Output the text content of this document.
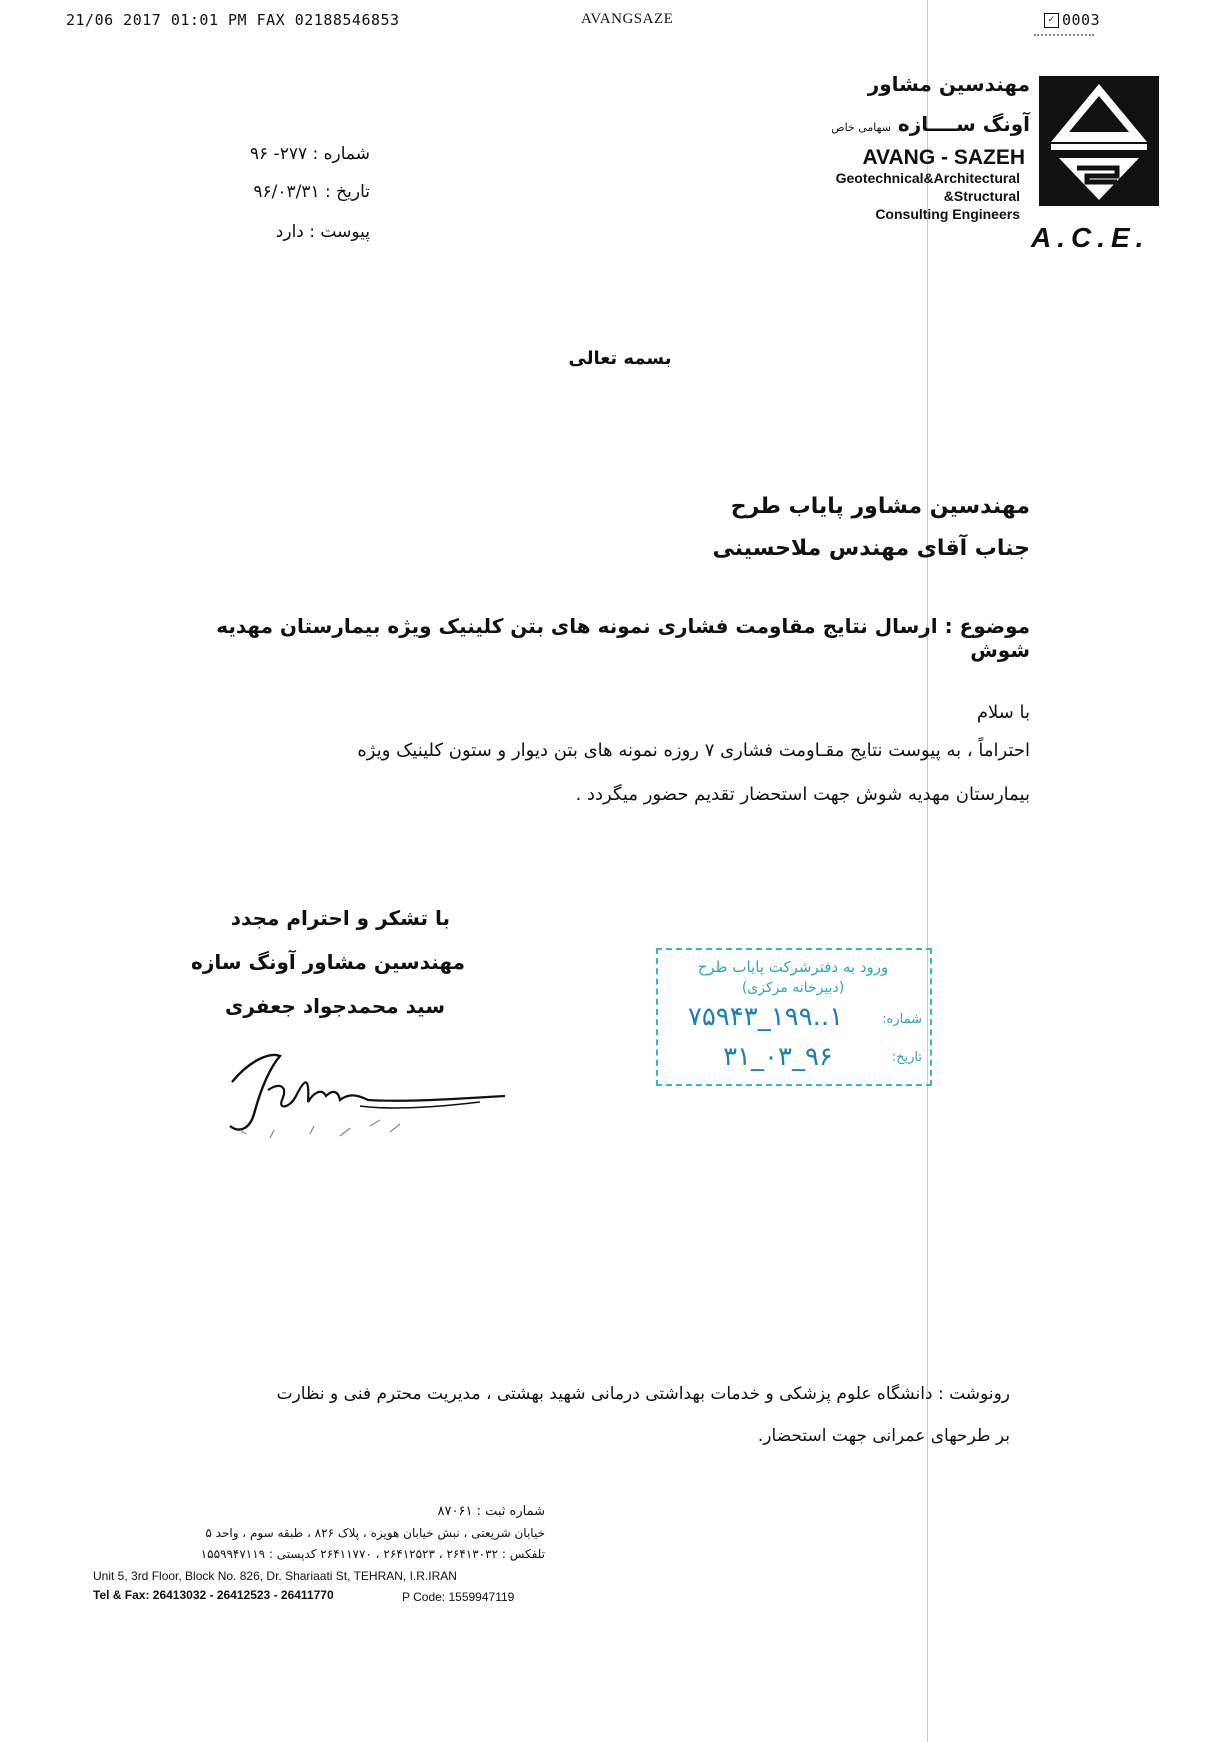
21/06 2017 01:01 PM FAX 02188546853	AVANGSAZE	✓ 0003
مهندسین مشاور
آونگ ســــازه سهامی خاص
AVANG - SAZEH
Geotechnical&Architectural
&Structural
Consulting Engineers
A.C.E.
شماره : ۲۷۷- ۹۶
تاریخ : ۹۶/۰۳/۳۱
پیوست : دارد
بسمه تعالی
مهندسین مشاور پایاب طرح
جناب آقای مهندس ملاحسینی
موضوع : ارسال نتایج مقاومت فشاری نمونه های بتن کلینیک ویژه بیمارستان مهدیه شوش
با سلام
احتراماً ، به پیوست نتایج مقـاومت فشاری ۷ روزه نمونه های بتن دیوار و ستون کلینیک ویژه
بیمارستان مهدیه شوش جهت استحضار تقدیم حضور میگردد .
با تشکر و احترام مجدد
مهندسین مشاور آونگ سازه
سید محمدجواد جعفری
ورود به دفترشرکت پایاب طرح
(دبیرخانه مرکزی)
شماره:
۱..۱۹۹_۷۵۹۴۳
تاریخ:
۹۶_۰۳_۳۱
رونوشت : دانشگاه علوم پزشکی و خدمات بهداشتی درمانی شهید بهشتی ، مدیریت محترم فنی و نظارت
بر طرحهای عمرانی جهت استحضار.
شماره ثبت : ۸۷۰۶۱
خیابان شریعتی ، نبش خیابان هویزه ، پلاک ۸۲۶ ، طبقه سوم ، واحد ۵
تلفکس : ۲۶۴۱۳۰۳۲ ، ۲۶۴۱۲۵۲۳ ، ۲۶۴۱۱۷۷۰ کدپستی : ۱۵۵۹۹۴۷۱۱۹
Unit 5, 3rd Floor, Block No. 826, Dr. Shariaati St, TEHRAN, I.R.IRAN
Tel & Fax: 26413032 - 26412523 - 26411770	P Code: 1559947119
